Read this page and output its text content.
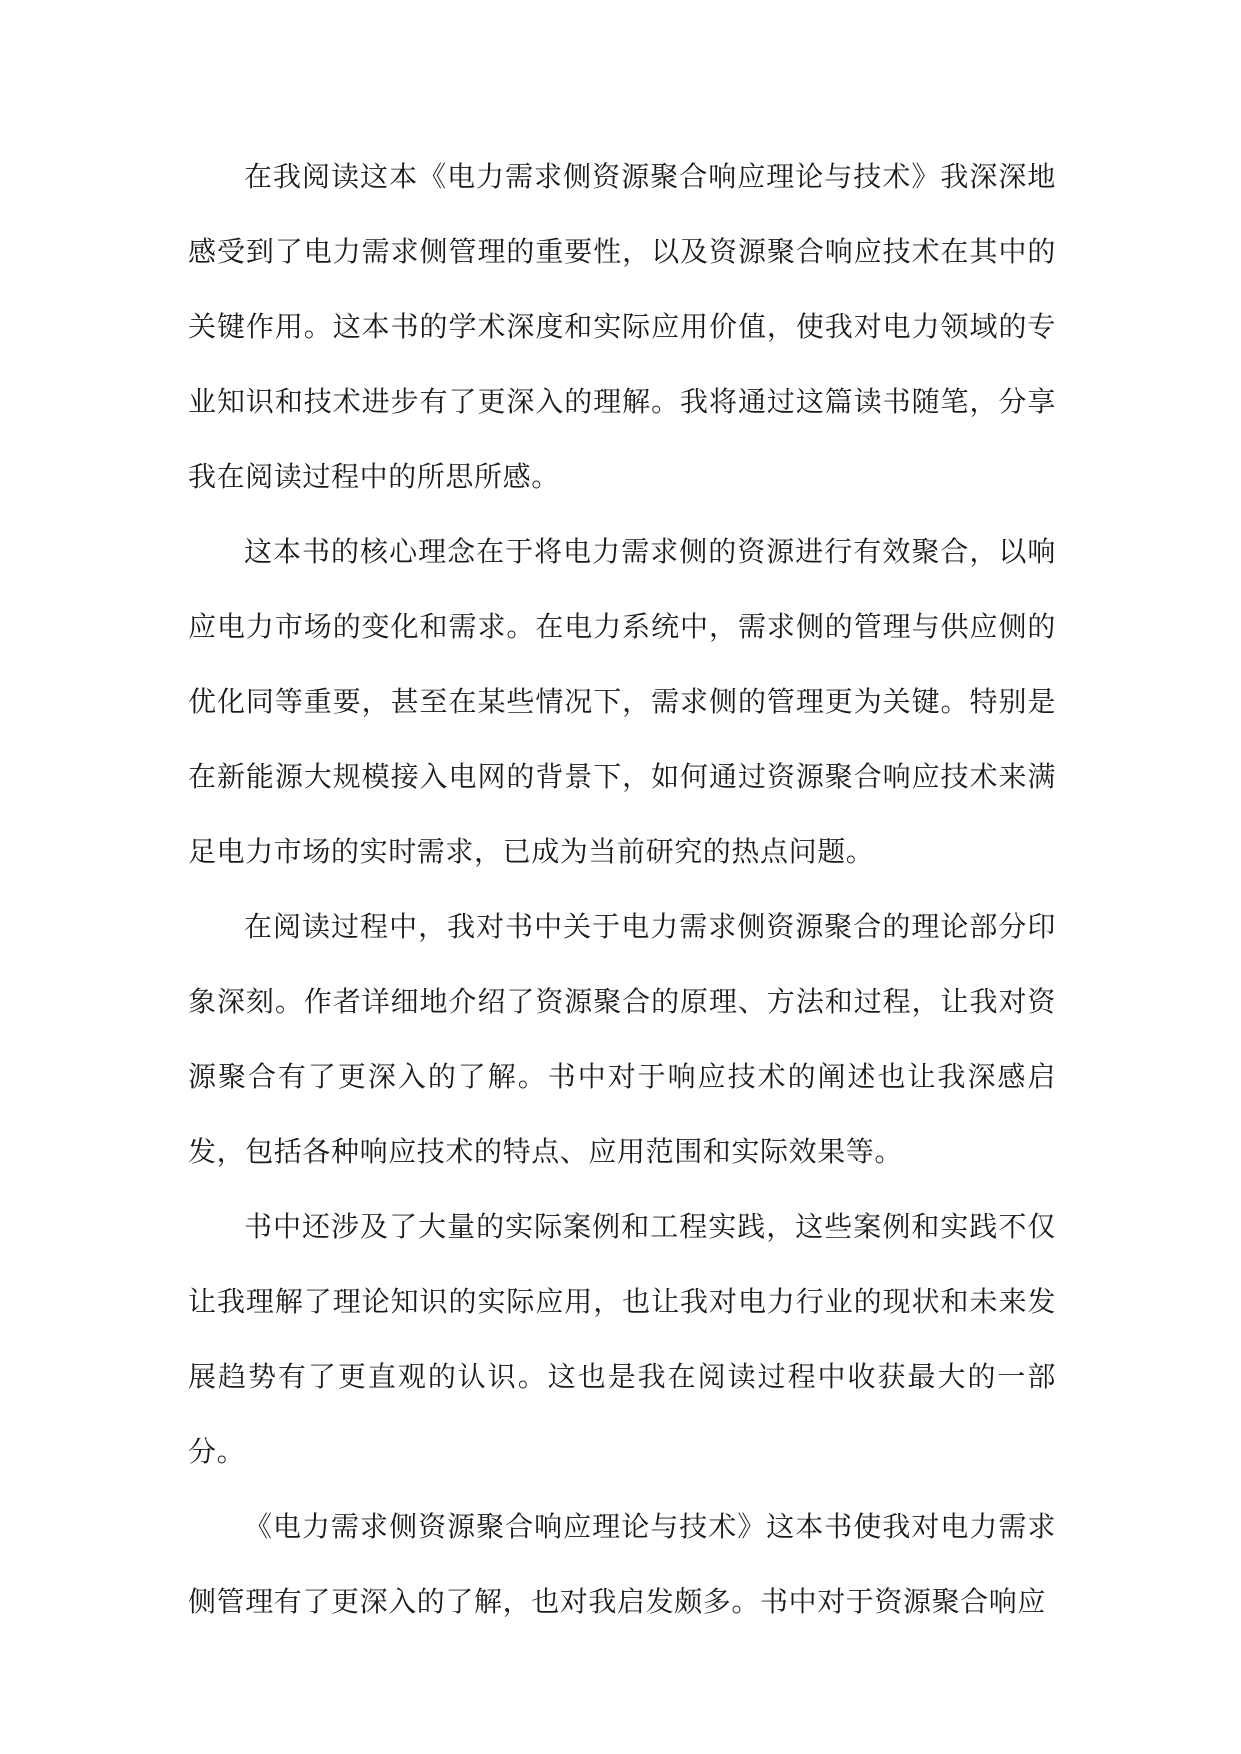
在我阅读这本《电力需求侧资源聚合响应理论与技术》我深深地感受到了电力需求侧管理的重要性，以及资源聚合响应技术在其中的关键作用。这本书的学术深度和实际应用价值，使我对电力领域的专业知识和技术进步有了更深入的理解。我将通过这篇读书随笔，分享我在阅读过程中的所思所感。

这本书的核心理念在于将电力需求侧的资源进行有效聚合，以响应电力市场的变化和需求。在电力系统中，需求侧的管理与供应侧的优化同等重要，甚至在某些情况下，需求侧的管理更为关键。特别是在新能源大规模接入电网的背景下，如何通过资源聚合响应技术来满足电力市场的实时需求，已成为当前研究的热点问题。

在阅读过程中，我对书中关于电力需求侧资源聚合的理论部分印象深刻。作者详细地介绍了资源聚合的原理、方法和过程，让我对资源聚合有了更深入的了解。书中对于响应技术的阐述也让我深感启发，包括各种响应技术的特点、应用范围和实际效果等。

书中还涉及了大量的实际案例和工程实践，这些案例和实践不仅让我理解了理论知识的实际应用，也让我对电力行业的现状和未来发展趋势有了更直观的认识。这也是我在阅读过程中收获最大的一部分。

《电力需求侧资源聚合响应理论与技术》这本书使我对电力需求侧管理有了更深入的了解，也对我启发颇多。书中对于资源聚合响应
